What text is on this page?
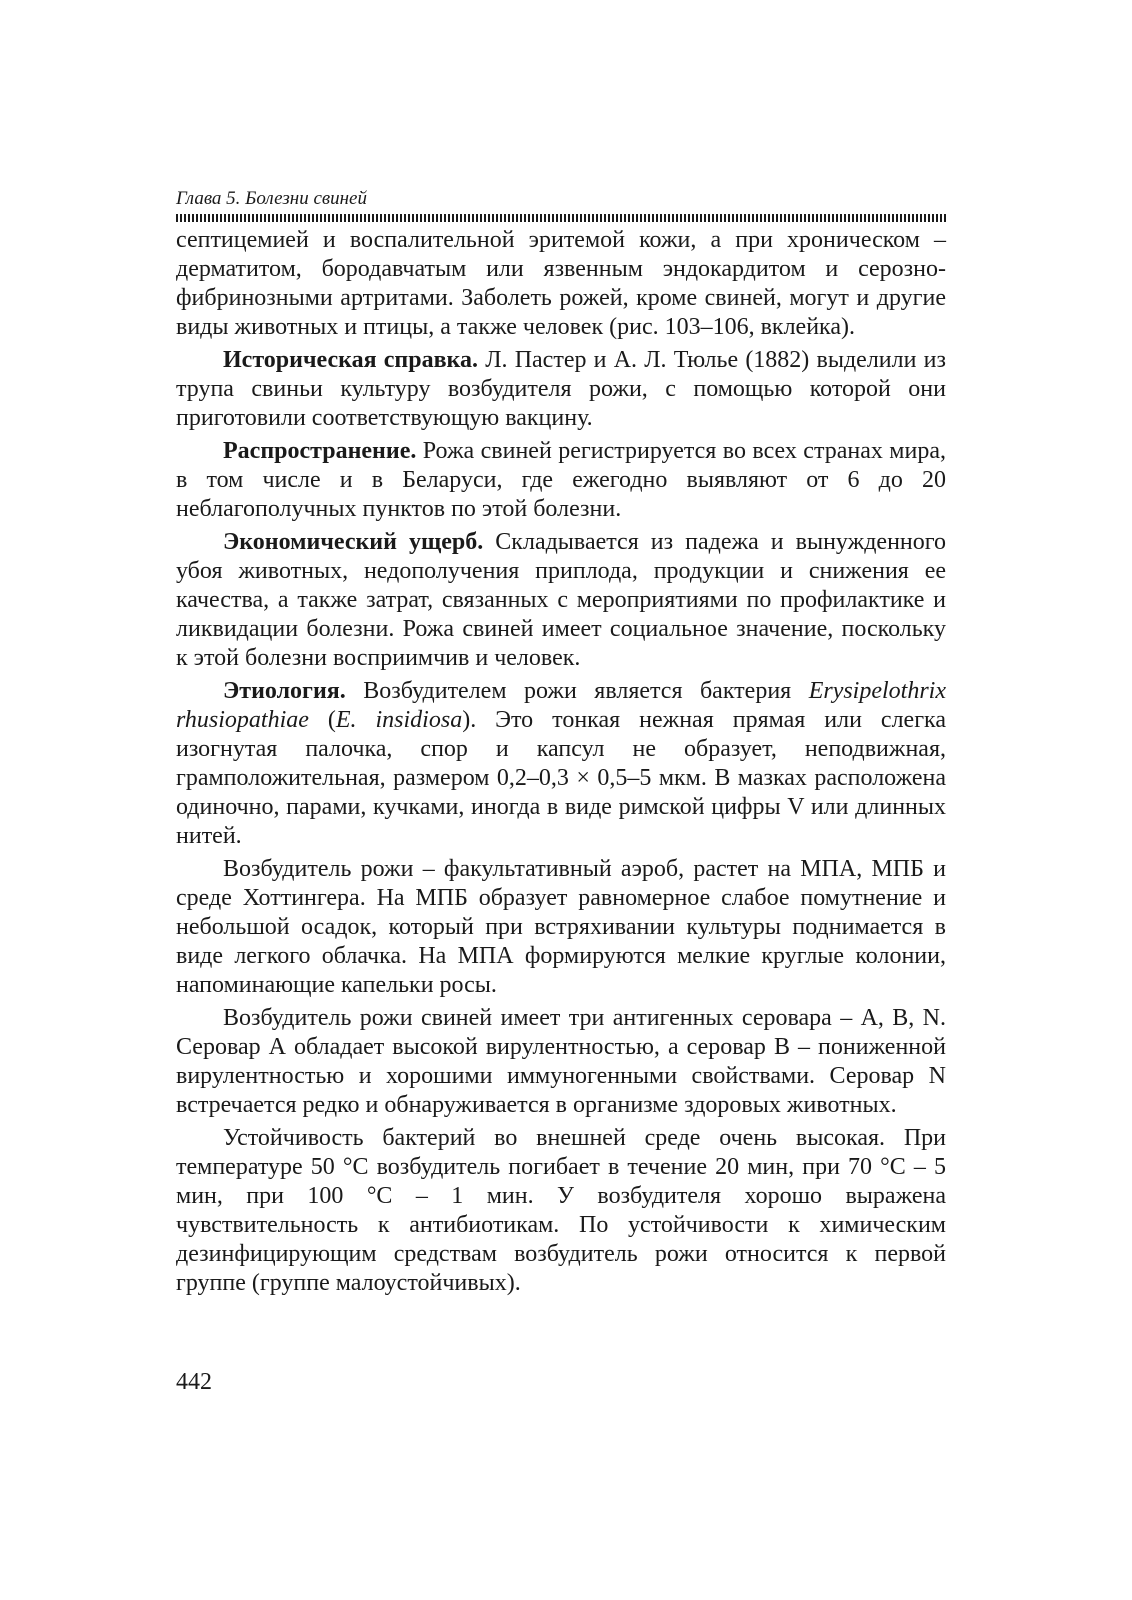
Глава 5. Болезни свиней

септицемией и воспалительной эритемой кожи, а при хроническом – дерматитом, бородавчатым или язвенным эндокардитом и серозно-фибринозными артритами. Заболеть рожей, кроме свиней, могут и другие виды животных и птицы, а также человек (рис. 103–106, вклейка).

Историческая справка. Л. Пастер и А. Л. Тюлье (1882) выделили из трупа свиньи культуру возбудителя рожи, с помощью которой они приготовили соответствующую вакцину.

Распространение. Рожа свиней регистрируется во всех странах мира, в том числе и в Беларуси, где ежегодно выявляют от 6 до 20 неблагополучных пунктов по этой болезни.

Экономический ущерб. Складывается из падежа и вынужденного убоя животных, недополучения приплода, продукции и снижения ее качества, а также затрат, связанных с мероприятиями по профилактике и ликвидации болезни. Рожа свиней имеет социальное значение, поскольку к этой болезни восприимчив и человек.

Этиология. Возбудителем рожи является бактерия Erysipelothrix rhusiopathiae (E. insidiosa). Это тонкая нежная прямая или слегка изогнутая палочка, спор и капсул не образует, неподвижная, грамположительная, размером 0,2–0,3 × 0,5–5 мкм. В мазках расположена одиночно, парами, кучками, иногда в виде римской цифры V или длинных нитей.

Возбудитель рожи – факультативный аэроб, растет на МПА, МПБ и среде Хоттингера. На МПБ образует равномерное слабое помутнение и небольшой осадок, который при встряхивании культуры поднимается в виде легкого облачка. На МПА формируются мелкие круглые колонии, напоминающие капельки росы.

Возбудитель рожи свиней имеет три антигенных серовара – А, В, N. Серовар А обладает высокой вирулентностью, а серовар В – пониженной вирулентностью и хорошими иммуногенными свойствами. Серовар N встречается редко и обнаруживается в организме здоровых животных.

Устойчивость бактерий во внешней среде очень высокая. При температуре 50 °С возбудитель погибает в течение 20 мин, при 70 °С – 5 мин, при 100 °С – 1 мин. У возбудителя хорошо выражена чувствительность к антибиотикам. По устойчивости к химическим дезинфицирующим средствам возбудитель рожи относится к первой группе (группе малоустойчивых).

442
